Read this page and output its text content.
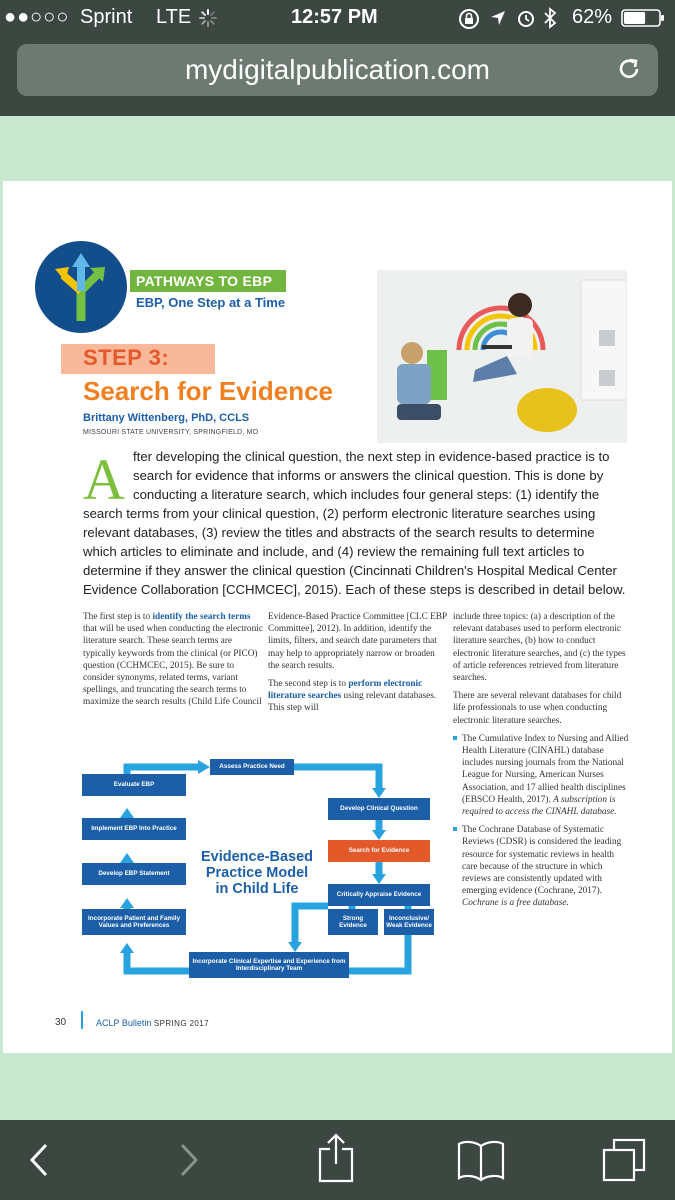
●●○○○ Sprint LTE	12:57 PM	62%
mydigitalpublication.com
PATHWAYS TO EBP
EBP, One Step at a Time
STEP 3:
Search for Evidence
Brittany Wittenberg, PhD, CCLS
MISSOURI STATE UNIVERSITY, SPRINGFIELD, MO
A fter developing the clinical question, the next step in evidence-based practice is to
search for evidence that informs or answers the clinical question. This is done by
conducting a literature search, which includes four general steps: (1) identify the
search terms from your clinical question, (2) perform electronic literature searches using
relevant databases, (3) review the titles and abstracts of the search results to determine
which articles to eliminate and include, and (4) review the remaining full text articles to
determine if they answer the clinical question (Cincinnati Children's Hospital Medical Center
Evidence Collaboration [CCHMCEC], 2015). Each of these steps is described in detail below.

The first step is to identify the search terms that will be used when conducting the electronic literature search. These search terms are typically keywords from the clinical (or PICO) question (CCHMCEC, 2015). Be sure to consider synonyms, related terms, variant spellings, and truncating the search terms to maximize the search results (Child Life Council

Evidence-Based Practice Committee [CLC EBP Committee], 2012). In addition, identify the limits, filters, and search date parameters that may help to appropriately narrow or broaden the search results.

The second step is to perform electronic literature searches using relevant databases. This step will

include three topics: (a) a description of the relevant databases used to perform electronic literature searches, (b) how to conduct electronic literature searches, and (c) the types of article references retrieved from literature searches.

There are several relevant databases for child life professionals to use when conducting electronic literature searches.

The Cumulative Index to Nursing and Allied Health Literature (CINAHL) database includes nursing journals from the National League for Nursing, American Nurses Association, and 17 allied health disciplines (EBSCO Health, 2017). A subscription is required to access the CINAHL database.
The Cochrane Database of Systematic Reviews (CDSR) is considered the leading resource for systematic reviews in health care because of the structure in which reviews are consistently updated with emerging evidence (Cochrane, 2017). Cochrane is a free database.
Assess Practice Need
Develop Clinical Question
Search for Evidence
Critically Appraise Evidence
Strong Evidence
Inconclusive/ Weak Evidence
Incorporate Clinical Expertise and Experience from Interdisciplinary Team
Incorporate Patient and Family Values and Preferences
Develop EBP Statement
Implement EBP Into Practice
Evaluate EBP
Evidence-Based
Practice Model
in Child Life
30	ACLP Bulletin SPRING 2017
